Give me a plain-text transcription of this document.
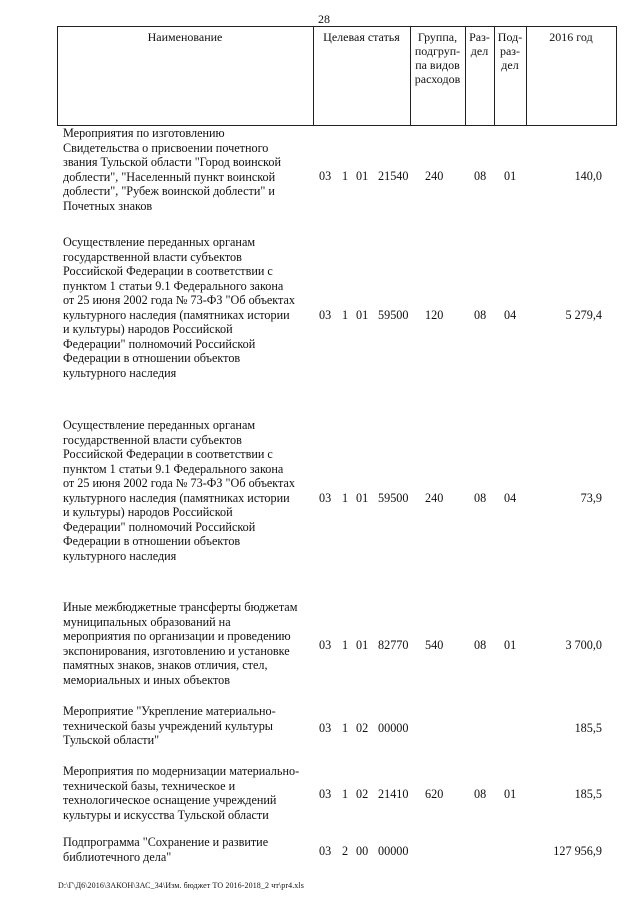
28
Наименование	Целевая статья	Группа,
подгруп-
па видов
расходов
Раз-
дел
Под-
раз-
дел
2016 год
Мероприятия по изготовлению
Свидетельства о присвоении почетного
звания Тульской области "Город воинской
доблести", "Населенный пункт воинской
доблести", "Рубеж воинской доблести" и
Почетных знаков
03 1 01 21540 240	08 01	140,0
Осуществление переданных органам
государственной власти субъектов
Российской Федерации в соответствии с
пунктом 1 статьи 9.1 Федерального закона
от 25 июня 2002 года № 73-ФЗ "Об объектах
культурного наследия (памятниках истории
и культуры) народов Российской
Федерации" полномочий Российской
Федерации в отношении объектов
культурного наследия
03 1 01 59500 120	08 04	5 279,4
Осуществление переданных органам
государственной власти субъектов
Российской Федерации в соответствии с
пунктом 1 статьи 9.1 Федерального закона
от 25 июня 2002 года № 73-ФЗ "Об объектах
культурного наследия (памятниках истории
и культуры) народов Российской
Федерации" полномочий Российской
Федерации в отношении объектов
культурного наследия
03 1 01 59500 240	08 04	73,9
Иные межбюджетные трансферты бюджетам
муниципальных образований на
мероприятия по организации и проведению
экспонирования, изготовлению и установке
памятных знаков, знаков отличия, стел,
мемориальных и иных объектов
03 1 01 82770 540	08 01	3 700,0
Мероприятие "Укрепление материально-
технической базы учреждений культуры
Тульской области"
03 1 02 00000	185,5
Мероприятия по модернизации материально-
технической базы, техническое и
технологическое оснащение учреждений
культуры и искусства Тульской области
03 1 02 21410 620	08 01	185,5
Подпрограмма "Сохранение и развитие
библиотечного дела"	03 2 00 00000	127 956,9
D:\Г\Д6\2016\ЗАКОН\ЗАС_34\Изм. бюджет ТО 2016-2018_2 чт\pr4.xls
